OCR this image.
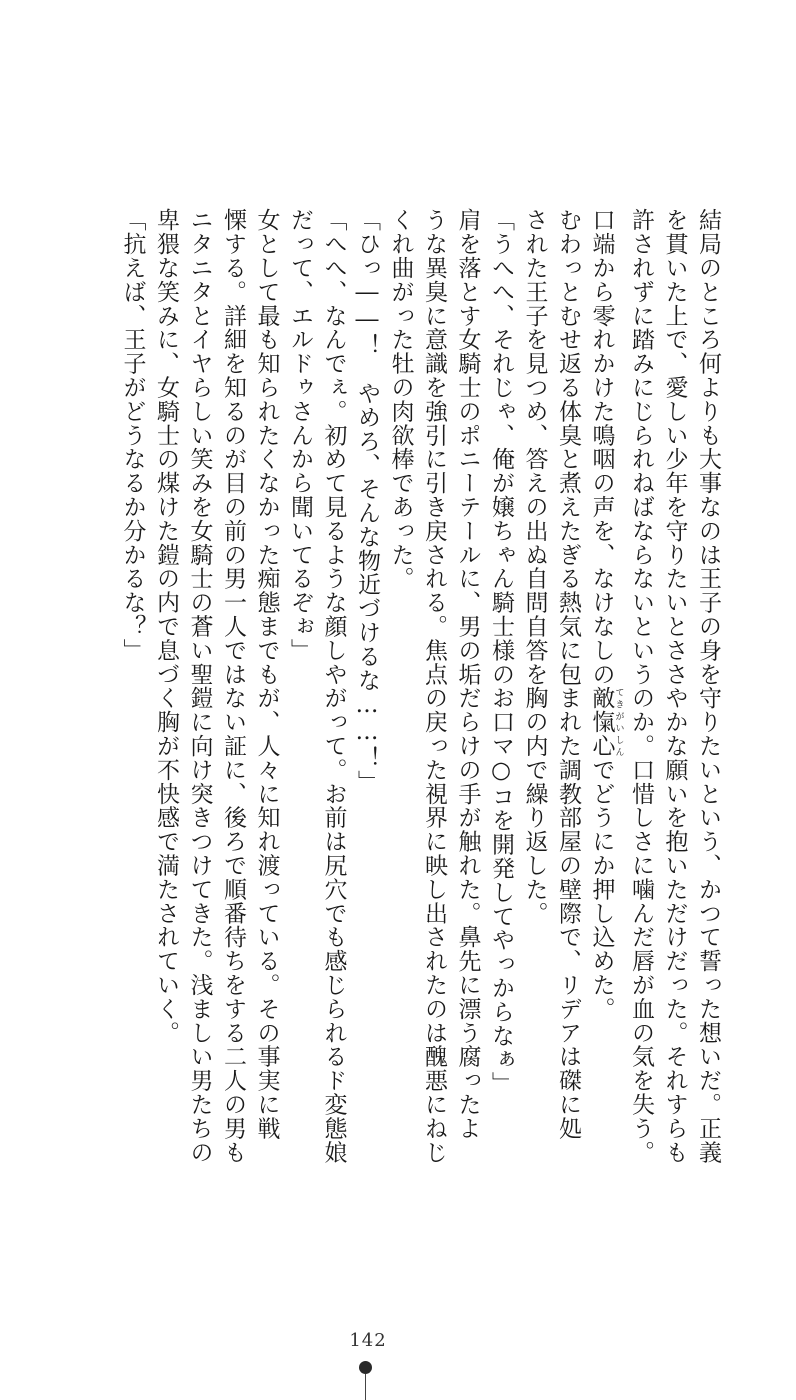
結局のところ何よりも大事なのは王子の身を守りたいという、かつて誓った想いだ。正義
を貫いた上で、愛しい少年を守りたいとささやかな願いを抱いただけだった。それすらも
許されずに踏みにじられねばならないというのか。口惜しさに噛んだ唇が血の気を失う。
口端から零れかけた鳴咽の声を、なけなしの敵愾心 てきがいしんでどうにか押し込めた。
むわっとむせ返る体臭と煮えたぎる熱気に包まれた調教部屋の壁際で、リデアは磔に処
された王子を見つめ、答えの出ぬ自問自答を胸の内で繰り返した。
「うへへ、それじゃ、俺が嬢ちゃん騎士様のお口マ○コを開発してやっからなぁ」
肩を落とす女騎士のポニーテールに、男の垢だらけの手が触れた。鼻先に漂う腐ったよ
うな異臭に意識を強引に引き戻される。焦点の戻った視界に映し出されたのは醜悪にねじ
くれ曲がった牡の肉欲棒であった。
「ひっ――！　やめろ、そんな物近づけるな……！」
「へへ、なんでぇ。初めて見るような顔しやがって。お前は尻穴でも感じられるド変態娘
だって、エルドゥさんから聞いてるぞぉ」
女として最も知られたくなかった痴態までもが、人々に知れ渡っている。その事実に戦
慄する。詳細を知るのが目の前の男一人ではない証に、後ろで順番待ちをする二人の男も
ニタニタとイヤらしい笑みを女騎士の蒼い聖鎧に向け突きつけてきた。浅ましい男たちの
卑猥な笑みに、女騎士の煤けた鎧の内で息づく胸が不快感で満たされていく。
「抗えば、王子がどうなるか分かるな？」
142
